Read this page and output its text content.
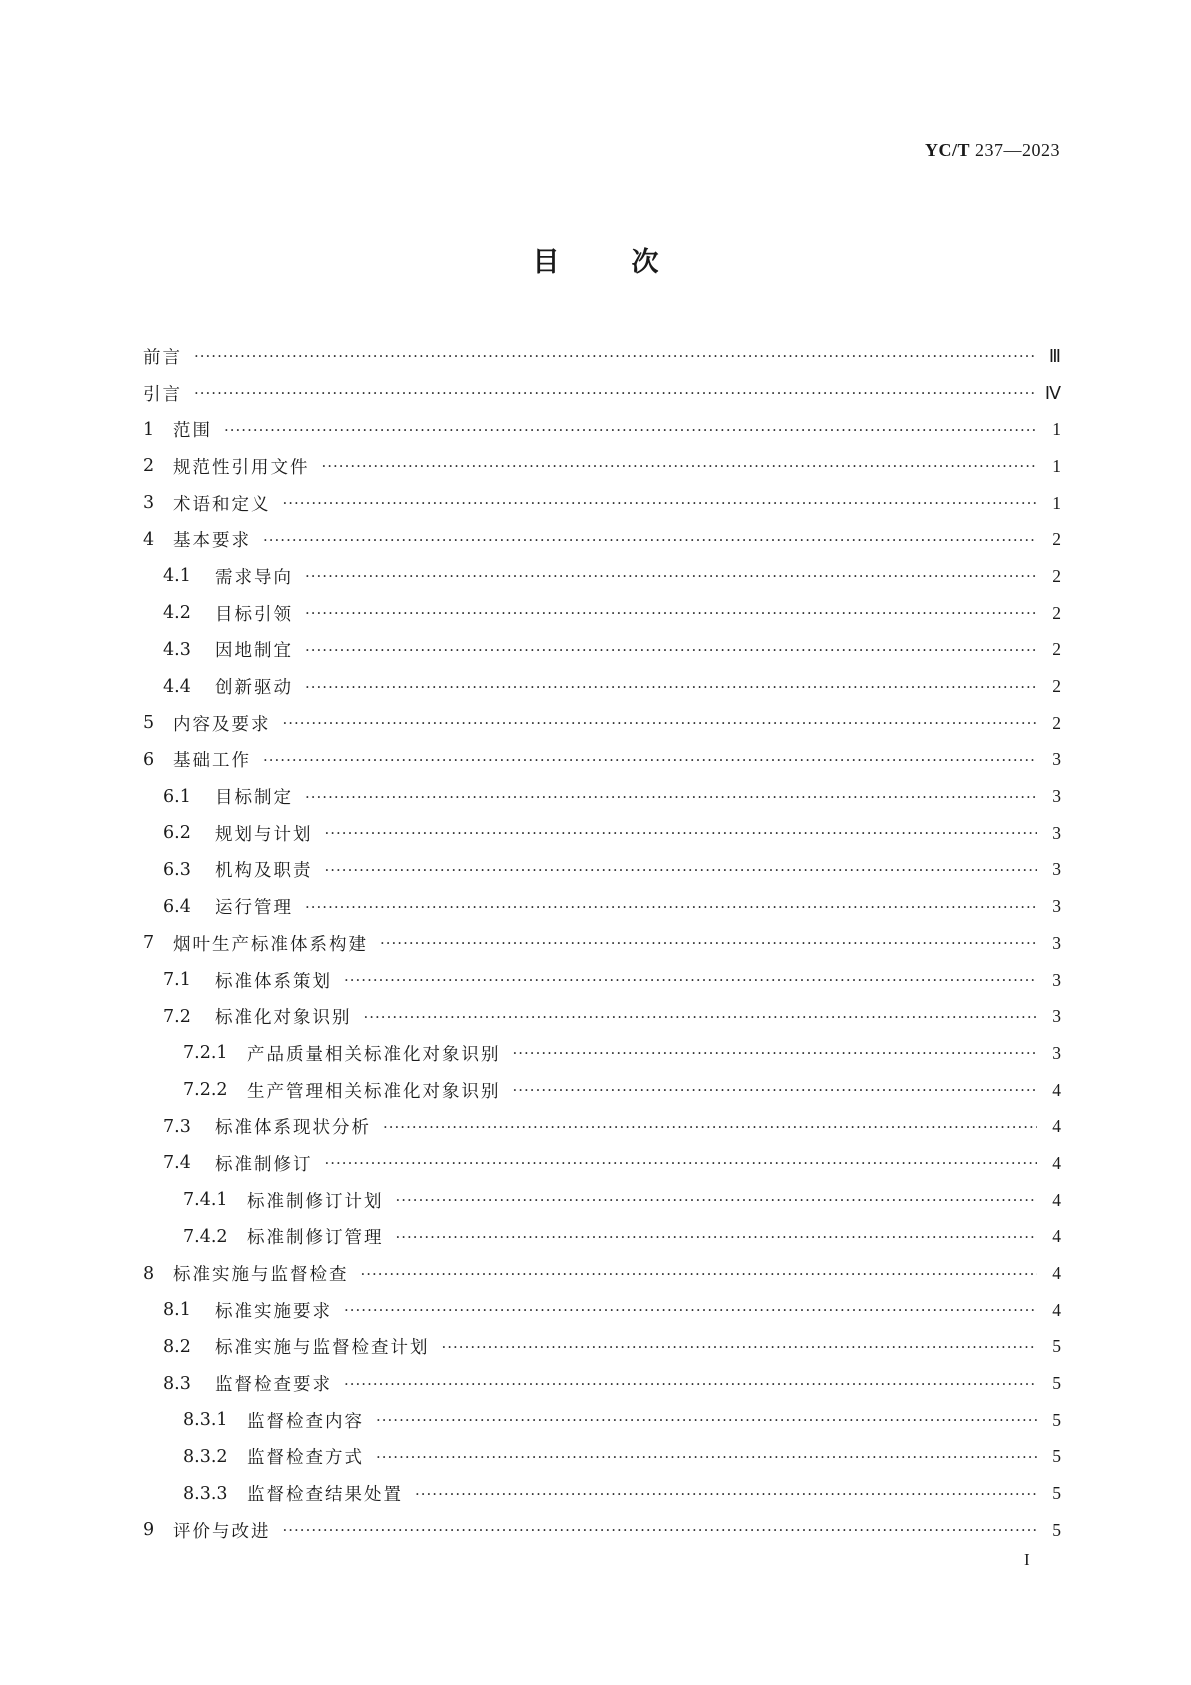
YC/T 237—2023
目	次
前言 ·····	Ⅲ
引言 ·····	Ⅳ
1 范围 ·····	1
2 规范性引用文件 ·····	1
3 术语和定义 ·····	1
4 基本要求 ·····	2
4.1	需求导向 ·····	2
4.2	目标引领 ·····	2
4.3	因地制宜 ·····	2
4.4	创新驱动 ·····	2
5 内容及要求 ·····	2
6 基础工作 ·····	3
6.1	目标制定 ·····	3
6.2	规划与计划 ·····	3
6.3	机构及职责 ·····	3
6.4	运行管理 ·····	3
7 烟叶生产标准体系构建 ·····	3
7.1	标准体系策划 ·····	3
7.2	标准化对象识别 ·····	3
7.2.1	产品质量相关标准化对象识别 ·····	3
7.2.2	生产管理相关标准化对象识别 ·····	4
7.3	标准体系现状分析 ·····	4
7.4	标准制修订 ·····	4
7.4.1	标准制修订计划 ·····	4
7.4.2	标准制修订管理 ·····	4
8 标准实施与监督检查 ·····	4
8.1	标准实施要求 ·····	4
8.2	标准实施与监督检查计划 ·····	5
8.3	监督检查要求 ·····	5
8.3.1	监督检查内容 ·····	5
8.3.2	监督检查方式 ·····	5
8.3.3	监督检查结果处置 ·····	5
9 评价与改进 ·····	5
I
